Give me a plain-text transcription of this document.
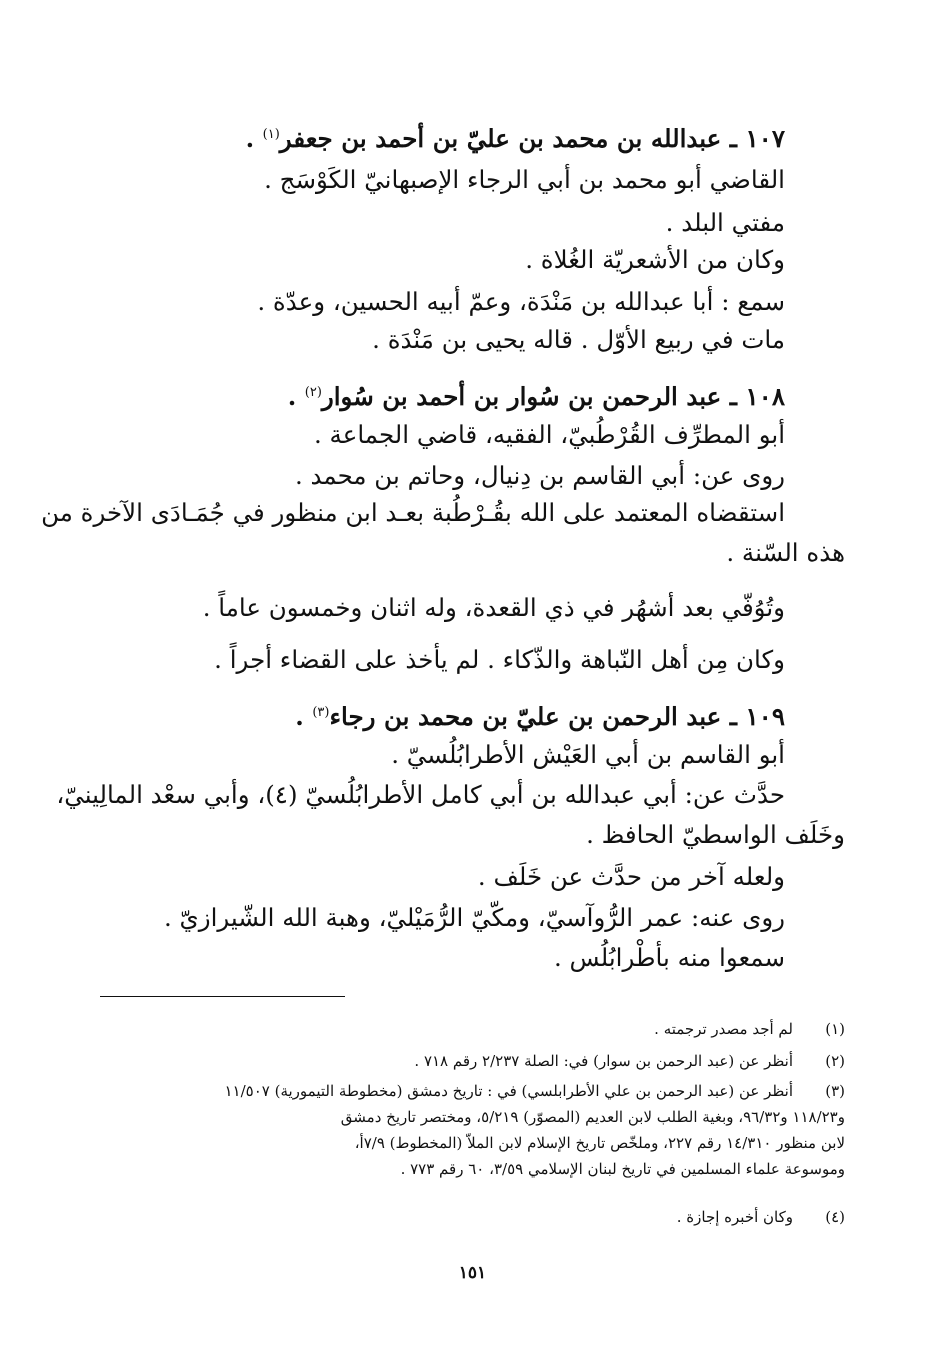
١٠٧ ـ عبدالله بن محمد بن عليّ بن أحمد بن جعفر$^{(١)}$ .
القاضي أبو محمد بن أبي الرجاء الإصبهانيّ الكَوْسَج .
مفتي البلد .
وكان من الأشعريّة الغُلاة .
سمع : أبا عبدالله بن مَنْدَة، وعمّ أبيه الحسين، وعدّة .
مات في ربيع الأوّل . قاله يحيى بن مَنْدَة .
١٠٨ ـ عبد الرحمن بن سُوار بن أحمد بن سُوار$^{(٢)}$ .
أبو المطرِّف القُرْطُبيّ، الفقيه، قاضي الجماعة .
روى عن: أبي القاسم بن دِنيال، وحاتم بن محمد .
استقضاه المعتمد على الله بقُـرْطُبة بعـد ابن منظور في جُمَـادَى الآخرة من
هذه السّنة .
وتُوُفّي بعد أشهُر في ذي القعدة، وله اثنان وخمسون عاماً .
وكان مِن أهل النّباهة والذّكاء . لم يأخذ على القضاء أجراً .
١٠٩ ـ عبد الرحمن بن عليّ بن محمد بن رجاء$^{(٣)}$ .
أبو القاسم بن أبي العَيْش الأطرابُلُسيّ .
حدَّث عن: أبي عبدالله بن أبي كامل الأطرابُلُسيّ (٤)، وأبي سعْد المالِينيّ،
وخَلَف الواسطيّ الحافظ .
ولعله آخر من حدَّث عن خَلَف .
روى عنه: عمر الرُّوآسيّ، ومكّيّ الرُّمَيْليّ، وهبة الله الشّيرازيّ .
سمعوا منه بأطْرابُلُس .
(١)
لم أجد مصدر ترجمته .
(٢)
أنظر عن (عبد الرحمن بن سوار) في: الصلة ٢/٢٣٧ رقم ٧١٨ .
(٣)
أنظر عن (عبد الرحمن بن علي الأطرابلسي) في : تاريخ دمشق (مخطوطة التيمورية) ١١/٥٠٧
و١١٨/٢٣ و٩٦/٣٢، وبغية الطلب لابن العديم (المصوّر) ٥/٢١٩، ومختصر تاريخ دمشق
لابن منظور ١٤/٣١٠ رقم ٢٢٧، وملخّص تاريخ الإسلام لابن الملاّ (المخطوط) ٧/٩أ،
وموسوعة علماء المسلمين في تاريخ لبنان الإسلامي ٣/٥٩، ٦٠ رقم ٧٧٣ .
(٤)
وكان أخبره إجازة .
١٥١
